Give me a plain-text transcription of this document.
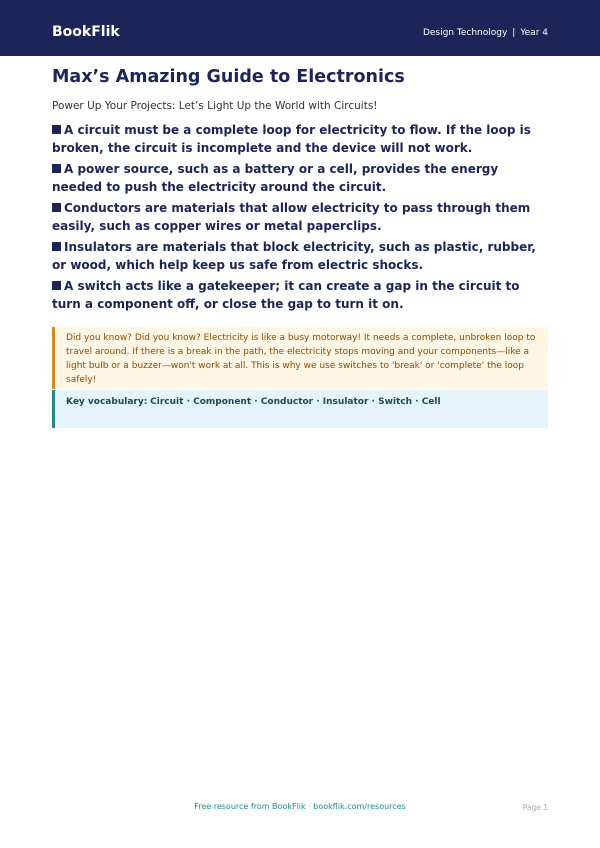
BookFlik	Design Technology | Year 4
Max’s Amazing Guide to Electronics
Power Up Your Projects: Let’s Light Up the World with Circuits!
A circuit must be a complete loop for electricity to flow. If the loop is broken, the circuit is incomplete and the device will not work.
A power source, such as a battery or a cell, provides the energy needed to push the electricity around the circuit.
Conductors are materials that allow electricity to pass through them easily, such as copper wires or metal paperclips.
Insulators are materials that block electricity, such as plastic, rubber, or wood, which help keep us safe from electric shocks.
A switch acts like a gatekeeper; it can create a gap in the circuit to turn a component off, or close the gap to turn it on.
Did you know? Did you know? Electricity is like a busy motorway! It needs a complete, unbroken loop to travel around. If there is a break in the path, the electricity stops moving and your components—like a light bulb or a buzzer—won't work at all. This is why we use switches to 'break' or 'complete' the loop safely!
Key vocabulary: Circuit · Component · Conductor · Insulator · Switch · Cell
Free resource from BookFlik · bookflik.com/resources	Page 1
